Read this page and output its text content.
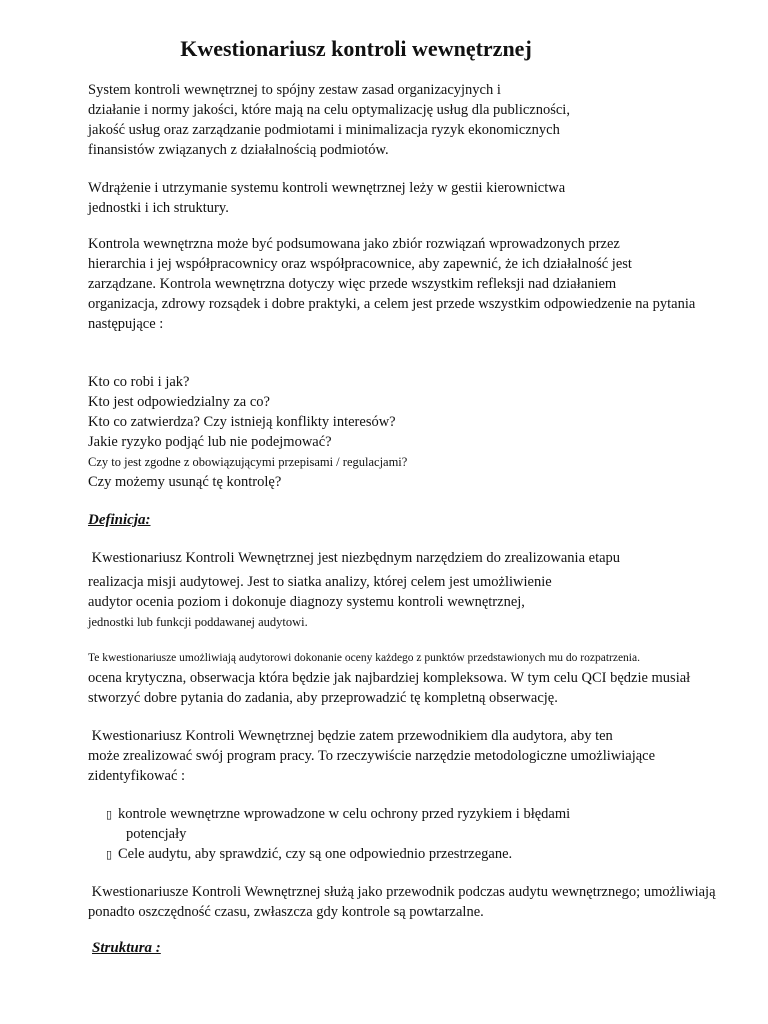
Kwestionariusz kontroli wewnętrznej
System kontroli wewnętrznej to spójny zestaw zasad organizacyjnych i
działanie i normy jakości, które mają na celu optymalizację usług dla publiczności,
jakość usług oraz zarządzanie podmiotami i minimalizacja ryzyk ekonomicznych
finansistów związanych z działalnością podmiotów.
Wdrążenie i utrzymanie systemu kontroli wewnętrznej leży w gestii kierownictwa
jednostki i ich struktury.
Kontrola wewnętrzna może być podsumowana jako zbiór rozwiązań wprowadzonych przez
hierarchia i jej współpracownicy oraz współpracownice, aby zapewnić, że ich działalność jest
zarządzane. Kontrola wewnętrzna dotyczy więc przede wszystkim refleksji nad działaniem
organizacja, zdrowy rozsądek i dobre praktyki, a celem jest przede wszystkim odpowiedzenie na pytania
następujące :
Kto co robi i jak?
Kto jest odpowiedzialny za co?
Kto co zatwierdza? Czy istnieją konflikty interesów?
Jakie ryzyko podjąć lub nie podejmować?
Czy to jest zgodne z obowiązującymi przepisami / regulacjami?
Czy możemy usunąć tę kontrolę?
Definicja:
Kwestionariusz Kontroli Wewnętrznej jest niezbędnym narzędziem do zrealizowania etapu
realizacja misji audytowej. Jest to siatka analizy, której celem jest umożliwienie
audytor ocenia poziom i dokonuje diagnozy systemu kontroli wewnętrznej,
jednostki lub funkcji poddawanej audytowi.
Te kwestionariusze umożliwiają audytorowi dokonanie oceny każdego z punktów przedstawionych mu do rozpatrzenia.
ocena krytyczna, obserwacja która będzie jak najbardziej kompleksowa. W tym celu QCI będzie musiał
stworzyć dobre pytania do zadania, aby przeprowadzić tę kompletną obserwację.
Kwestionariusz Kontroli Wewnętrznej będzie zatem przewodnikiem dla audytora, aby ten
może zrealizować swój program pracy. To rzeczywiście narzędzie metodologiczne umożliwiające
zidentyfikować :
▯ kontrole wewnętrzne wprowadzone w celu ochrony przed ryzykiem i błędami
potencjały
▯ Cele audytu, aby sprawdzić, czy są one odpowiednio przestrzegane.
Kwestionariusze Kontroli Wewnętrznej służą jako przewodnik podczas audytu wewnętrznego; umożliwiają
ponadto oszczędność czasu, zwłaszcza gdy kontrole są powtarzalne.
Struktura :
